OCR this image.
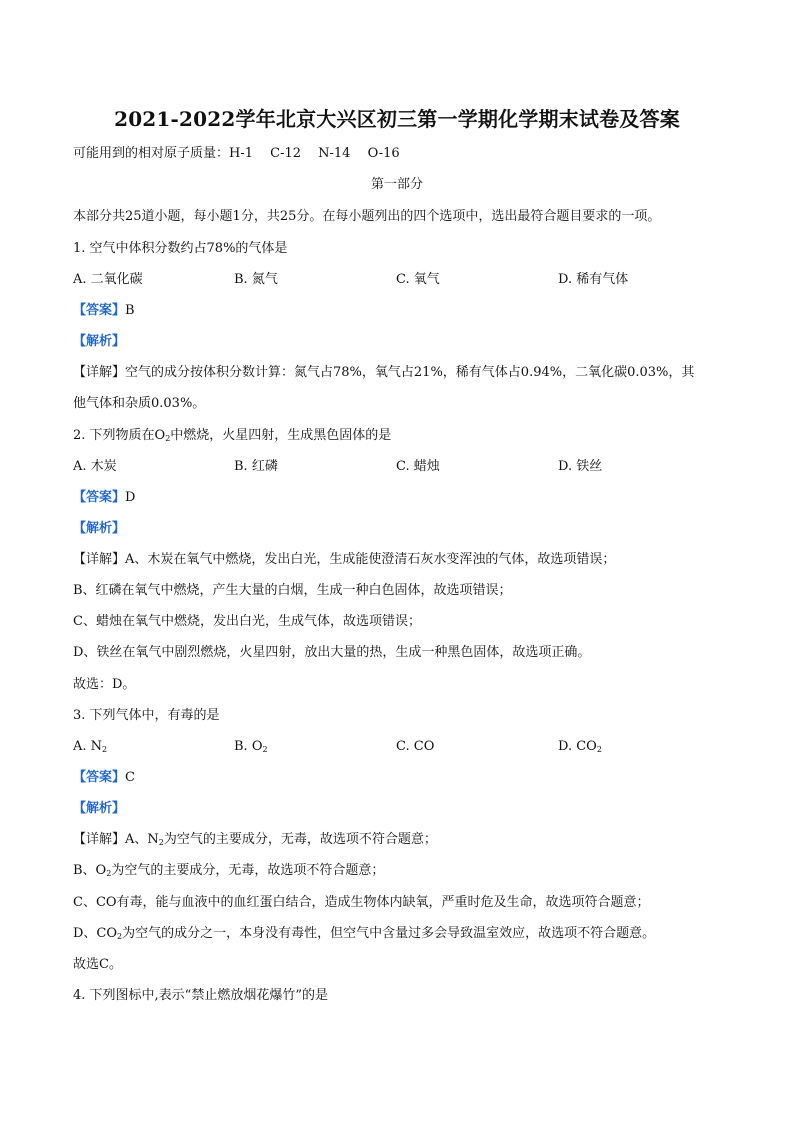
2021-2022学年北京大兴区初三第一学期化学期末试卷及答案
可能用到的相对原子质量：H-1　 C-12　 N-14　 O-16
第一部分
本部分共25道小题，每小题1分，共25分。在每小题列出的四个选项中，选出最符合题目要求的一项。
1. 空气中体积分数约占78%的气体是
A. 二氧化碳	B. 氮气	C. 氧气	D. 稀有气体
【答案】B
【解析】
【详解】空气的成分按体积分数计算：氮气占78%，氧气占21%，稀有气体占0.94%，二氧化碳0.03%，其
他气体和杂质0.03%。
2. 下列物质在$O_2$中燃烧，火星四射，生成黑色固体的是
A. 木炭	B. 红磷	C. 蜡烛	D. 铁丝
【答案】D
【解析】
【详解】A、木炭在氧气中燃烧，发出白光，生成能使澄清石灰水变浑浊的气体，故选项错误；
B、红磷在氧气中燃烧，产生大量的白烟，生成一种白色固体，故选项错误；
C、蜡烛在氧气中燃烧，发出白光，生成气体，故选项错误；
D、铁丝在氧气中剧烈燃烧，火星四射，放出大量的热，生成一种黑色固体，故选项正确。
故选：D。
3. 下列气体中，有毒的是
A. $N_2$	B. $O_2$	C. CO	D. $CO_2$
【答案】C
【解析】
【详解】A、$N_2$为空气的主要成分，无毒，故选项不符合题意；
B、$O_2$为空气的主要成分，无毒，故选项不符合题意；
C、CO有毒，能与血液中的血红蛋白结合，造成生物体内缺氧，严重时危及生命，故选项符合题意；
D、$CO_2$为空气的成分之一，本身没有毒性，但空气中含量过多会导致温室效应，故选项不符合题意。
故选C。
4. 下列图标中,表示“禁止燃放烟花爆竹”的是
